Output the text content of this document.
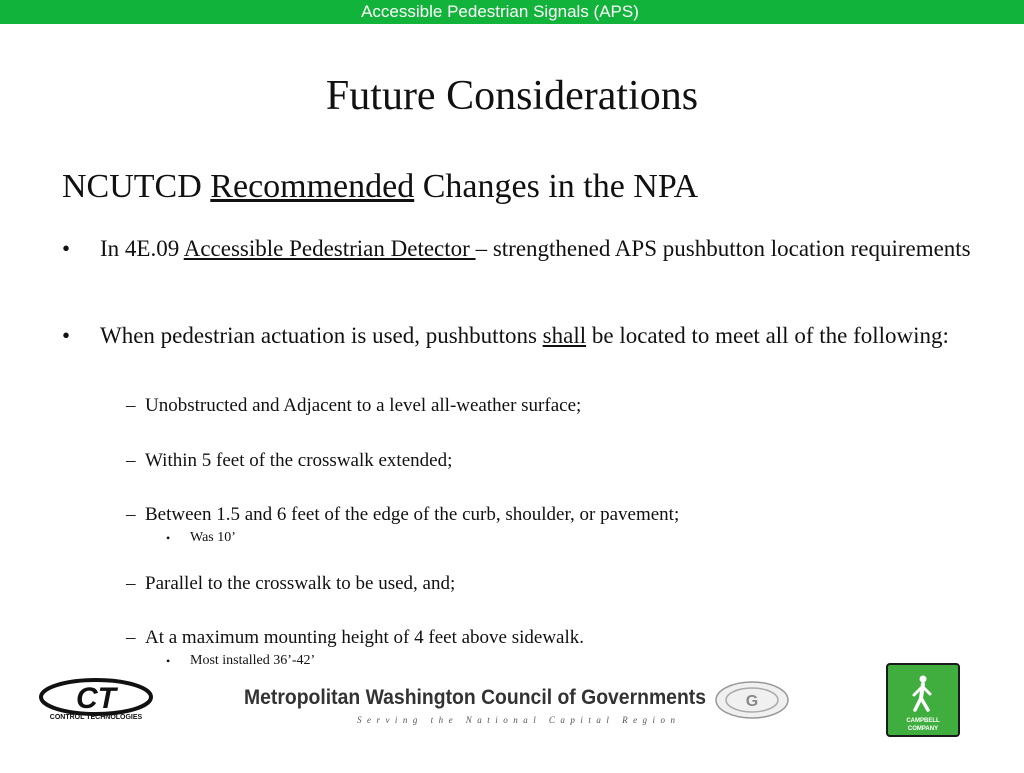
Accessible Pedestrian Signals (APS)
Future Considerations
NCUTCD Recommended Changes in the NPA
• In 4E.09 Accessible Pedestrian Detector – strengthened APS pushbutton location requirements
• When pedestrian actuation is used, pushbuttons shall be located to meet all of the following:
– Unobstructed and Adjacent to a level all-weather surface;
– Within 5 feet of the crosswalk extended;
– Between 1.5 and 6 feet of the edge of the curb, shoulder, or pavement;
• Was 10’
– Parallel to the crosswalk to be used, and;
– At a maximum mounting height of 4 feet above sidewalk.
• Most installed 36’-42’
CT
CONTROL TECHNOLOGIES
Metropolitan Washington Council of Governments
Serving the National Capital Region
G
CAMPBELL
COMPANY
